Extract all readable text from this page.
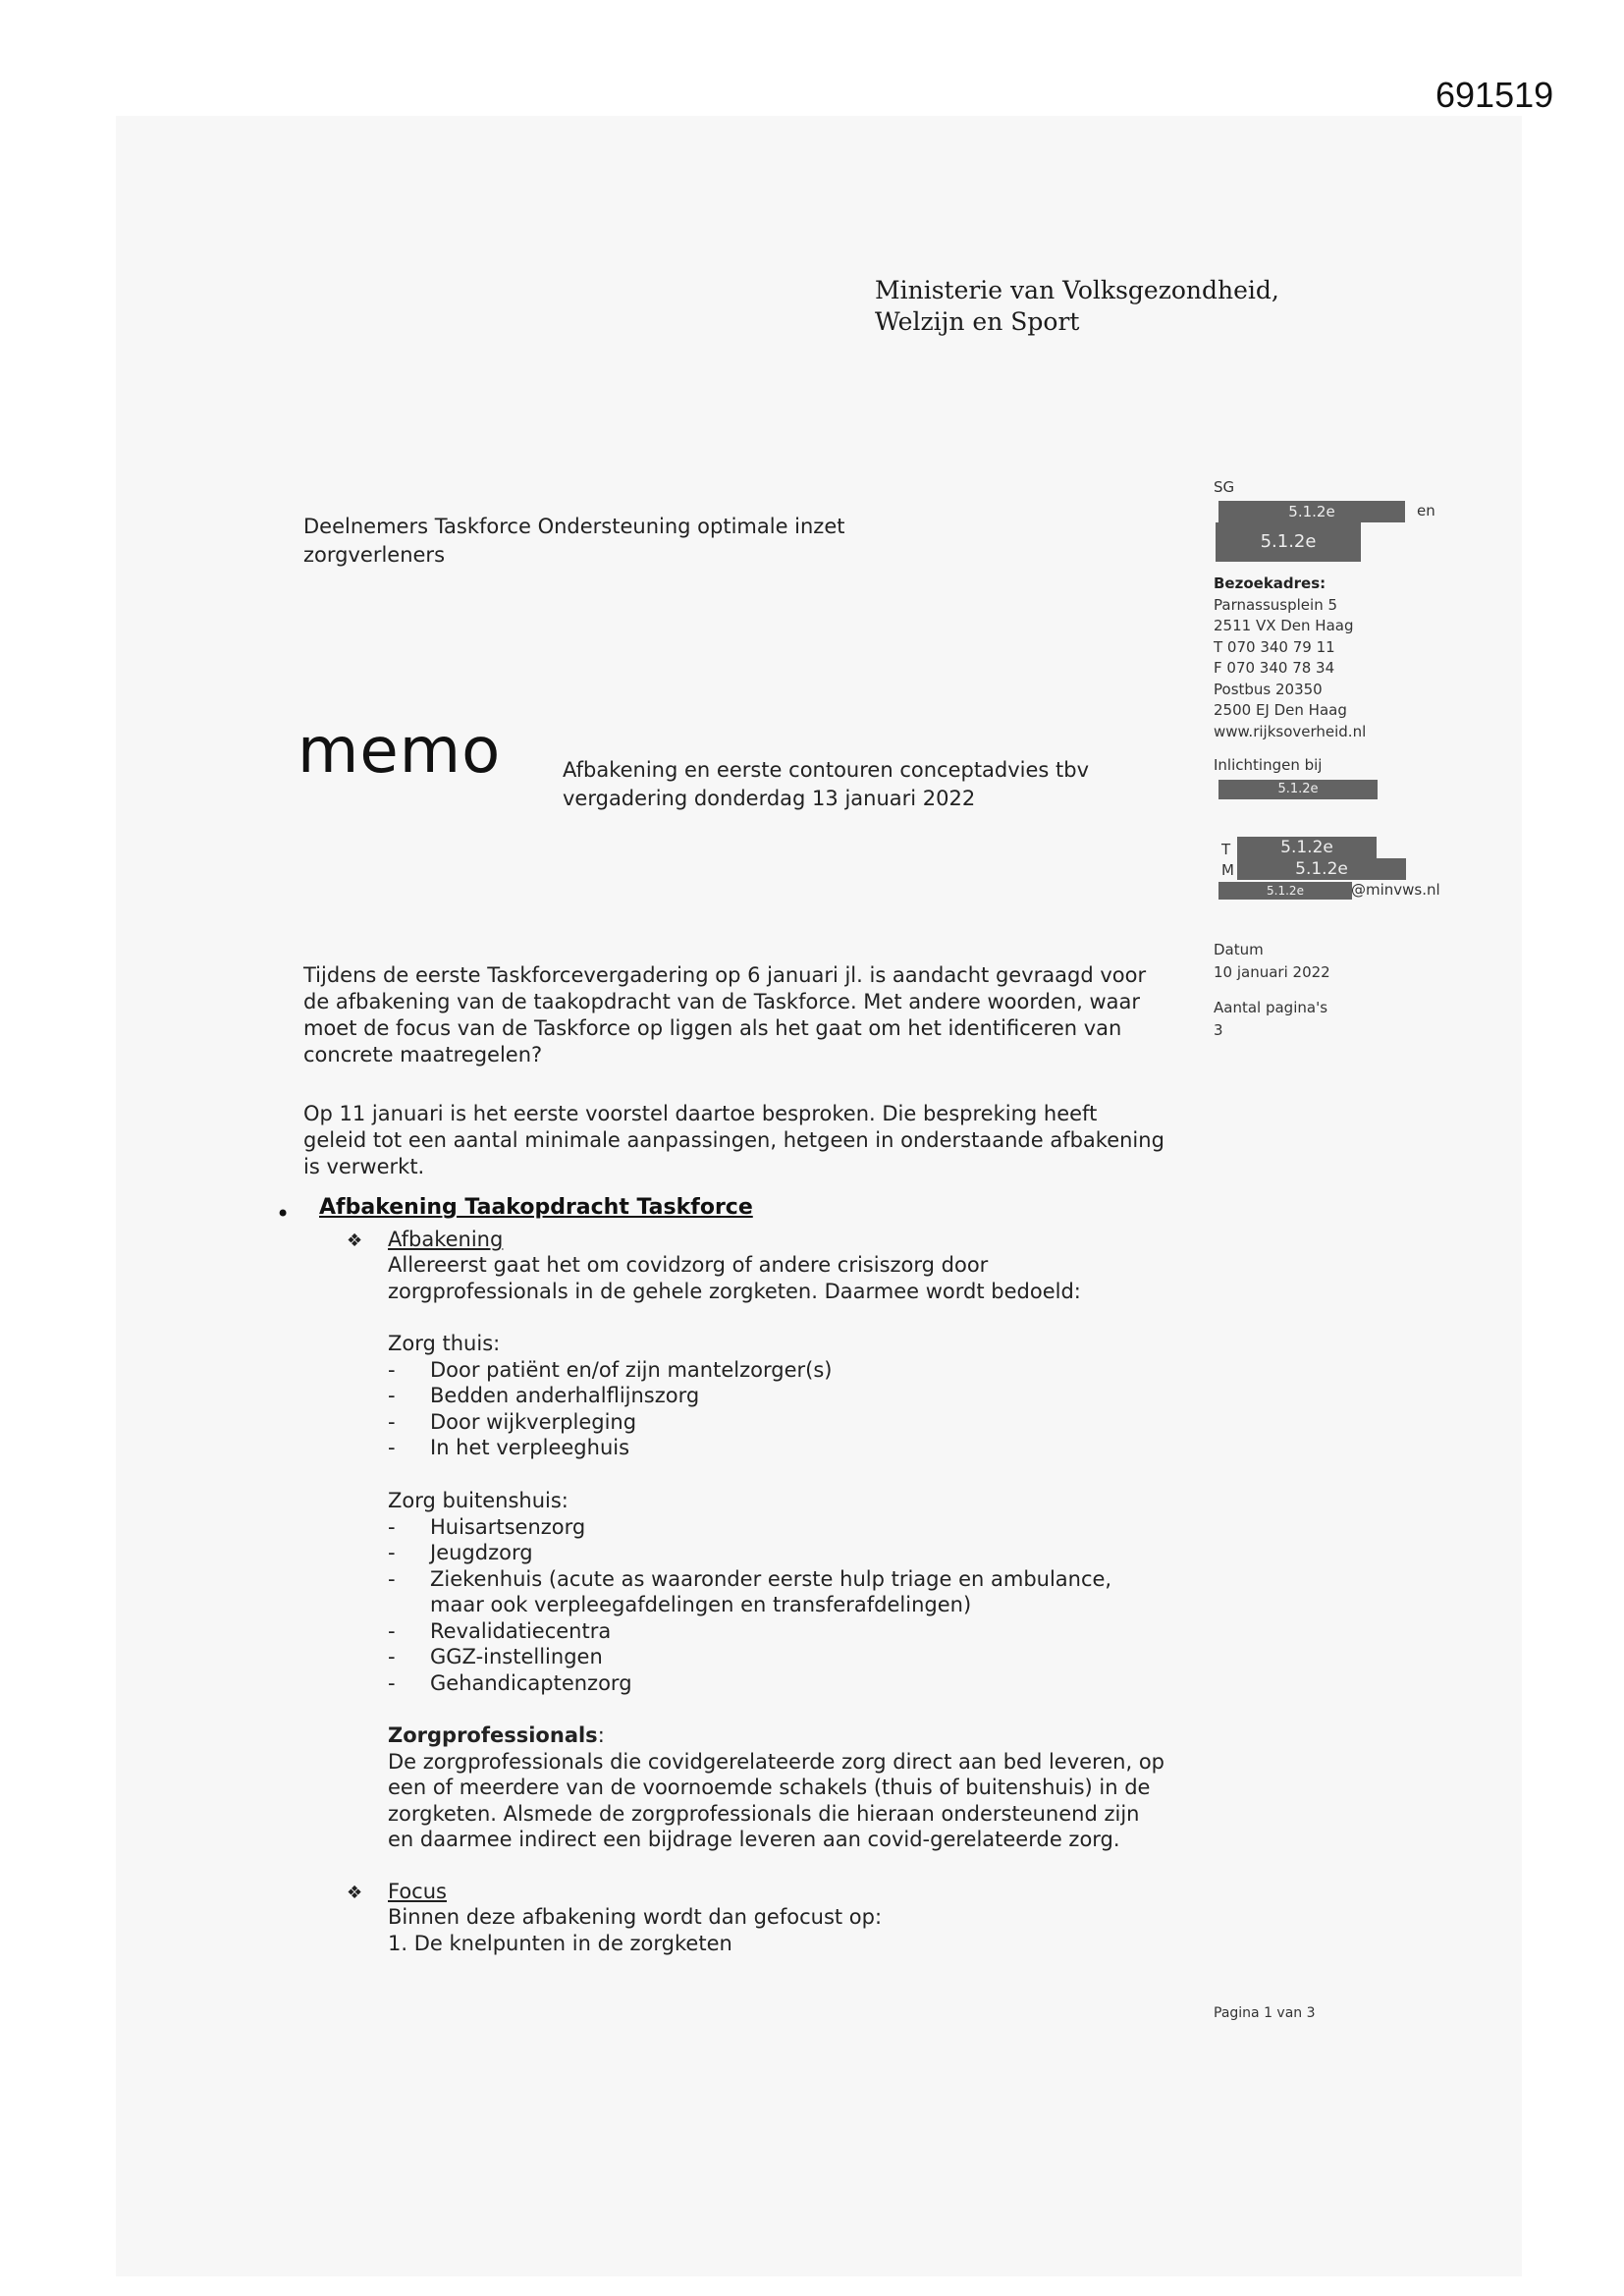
691519
Ministerie van Volksgezondheid,
Welzijn en Sport
Deelnemers Taskforce Ondersteuning optimale inzet
zorgverleners
memo	Afbakening en eerste contouren conceptadvies tbv
vergadering donderdag 13 januari 2022
SG
5.1.2e	en
5.1.2e
Bezoekadres:
Parnassusplein 5
2511 VX Den Haag
T 070 340 79 11
F 070 340 78 34
Postbus 20350
2500 EJ Den Haag
www.rijksoverheid.nl
Inlichtingen bij
5.1.2e
T	5.1.2e
M	5.1.2e
5.1.2e	@minvws.nl
Datum
10 januari 2022
Aantal pagina's
3
Tijdens de eerste Taskforcevergadering op 6 januari jl. is aandacht gevraagd voor
de afbakening van de taakopdracht van de Taskforce. Met andere woorden, waar
moet de focus van de Taskforce op liggen als het gaat om het identificeren van
concrete maatregelen?
Op 11 januari is het eerste voorstel daartoe besproken. Die bespreking heeft
geleid tot een aantal minimale aanpassingen, hetgeen in onderstaande afbakening
is verwerkt.
• Afbakening Taakopdracht Taskforce
❖ Afbakening
Allereerst gaat het om covidzorg of andere crisiszorg door
zorgprofessionals in de gehele zorgketen. Daarmee wordt bedoeld:
Zorg thuis:
- Door patiënt en/of zijn mantelzorger(s)
- Bedden anderhalflijnszorg
- Door wijkverpleging
- In het verpleeghuis
Zorg buitenshuis:
- Huisartsenzorg
- Jeugdzorg
- Ziekenhuis (acute as waaronder eerste hulp triage en ambulance,
maar ook verpleegafdelingen en transferafdelingen)
- Revalidatiecentra
- GGZ-instellingen
- Gehandicaptenzorg
Zorgprofessionals:
De zorgprofessionals die covidgerelateerde zorg direct aan bed leveren, op
een of meerdere van de voornoemde schakels (thuis of buitenshuis) in de
zorgketen. Alsmede de zorgprofessionals die hieraan ondersteunend zijn
en daarmee indirect een bijdrage leveren aan covid-gerelateerde zorg.
❖ Focus
Binnen deze afbakening wordt dan gefocust op:
1. De knelpunten in de zorgketen
Pagina 1 van 3
